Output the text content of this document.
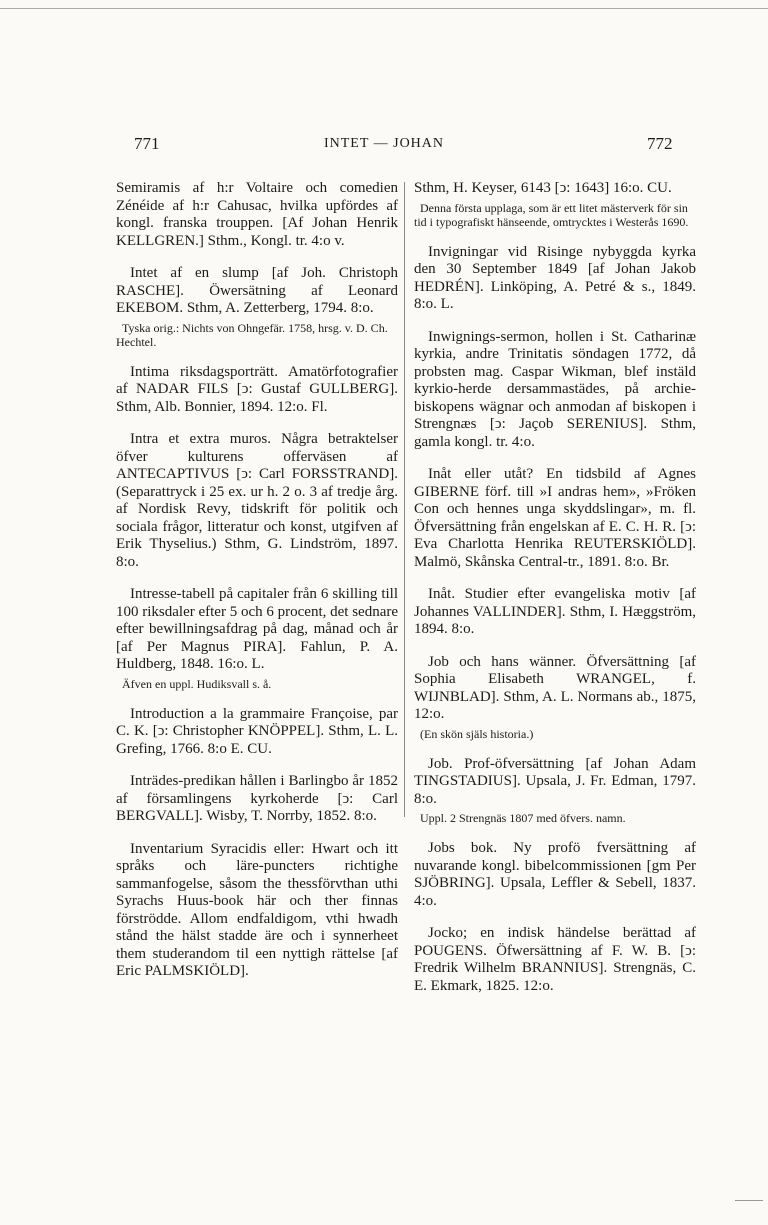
771	INTET — JOHAN	772

Semiramis af h:r Voltaire och comedien Zénéide af h:r Cahusac, hvilka upfördes af kongl. franska trouppen. [Af Johan Henrik KELLGREN.] Sthm., Kongl. tr. 4:o v.

Intet af en slump [af Joh. Christoph RASCHE]. Öwersätning af Leonard EKEBOM. Sthm, A. Zetterberg, 1794. 8:o.
Tyska orig.: Nichts von Ohngefär. 1758, hrsg. v. D. Ch. Hechtel.

Intima riksdagsporträtt. Amatörfotografier af NADAR FILS [ↄ: Gustaf GULLBERG]. Sthm, Alb. Bonnier, 1894. 12:o. Fl.

Intra et extra muros. Några betraktelser öfver kulturens offerväsen af ANTECAPTIVUS [ↄ: Carl FORSSTRAND]. (Separattryck i 25 ex. ur h. 2 o. 3 af tredje årg. af Nordisk Revy, tidskrift för politik och sociala frågor, litteratur och konst, utgifven af Erik Thyselius.) Sthm, G. Lindström, 1897. 8:o.

Intresse-tabell på capitaler från 6 skilling till 100 riksdaler efter 5 och 6 procent, det sednare efter bewillningsafdrag på dag, månad och år [af Per Magnus PIRA]. Fahlun, P. A. Huldberg, 1848. 16:o. L.
Äfven en uppl. Hudiksvall s. å.

Introduction a la grammaire Françoise, par C. K. [ↄ: Christopher KNÖPPEL]. Sthm, L. L. Grefing, 1766. 8:o E. CU.

Inträdes-predikan hållen i Barlingbo år 1852 af församlingens kyrkoherde [ↄ: Carl BERGVALL]. Wisby, T. Norrby, 1852. 8:o.

Inventarium Syracidis eller: Hwart och itt språks och läre-puncters richtighe sammanfogelse, såsom the thessförvthan uthi Syrachs Huus-book här och ther finnas förströdde. Allom endfaldigom, vthi hwadh stånd the hälst stadde äre och i synnerheet them studerandom til een nyttigh rättelse [af Eric PALMSKIÖLD].

Sthm, H. Keyser, 6143 [ↄ: 1643] 16:o. CU.
Denna första upplaga, som är ett litet mästerverk för sin tid i typografiskt hänseende, omtrycktes i Westerås 1690.

Invigningar vid Risinge nybyggda kyrka den 30 September 1849 [af Johan Jakob HEDRÉN]. Linköping, A. Petré & s., 1849. 8:o. L.

Inwignings-sermon, hollen i St. Catharinæ kyrkia, andre Trinitatis söndagen 1772, då probsten mag. Caspar Wikman, blef instäld kyrkio-herde dersammastädes, på archie-biskopens wägnar och anmodan af biskopen i Strengnæs [ↄ: Jaçob SERENIUS]. Sthm, gamla kongl. tr. 4:o.

Inåt eller utåt? En tidsbild af Agnes GIBERNE förf. till »I andras hem», »Fröken Con och hennes unga skyddslingar», m. fl. Öfversättning från engelskan af E. C. H. R. [ↄ: Eva Charlotta Henrika REUTERSKIÖLD]. Malmö, Skånska Central-tr., 1891. 8:o. Br.

Inåt. Studier efter evangeliska motiv [af Johannes VALLINDER]. Sthm, I. Hæggström, 1894. 8:o.

Job och hans wänner. Öfversättning [af Sophia Elisabeth WRANGEL, f. WIJNBLAD]. Sthm, A. L. Normans ab., 1875, 12:o.
(En skön själs historia.)

Job. Prof-öfversättning [af Johan Adam TINGSTADIUS]. Upsala, J. Fr. Edman, 1797. 8:o.
Uppl. 2 Strengnäs 1807 med öfvers. namn.

Jobs bok. Ny profö fversättning af nuvarande kongl. bibelcommissionen [gm Per SJÖBRING]. Upsala, Leffler & Sebell, 1837. 4:o.

Jocko; en indisk händelse berättad af POUGENS. Öfwersättning af F. W. B. [ↄ: Fredrik Wilhelm BRANNIUS]. Strengnäs, C. E. Ekmark, 1825. 12:o.
